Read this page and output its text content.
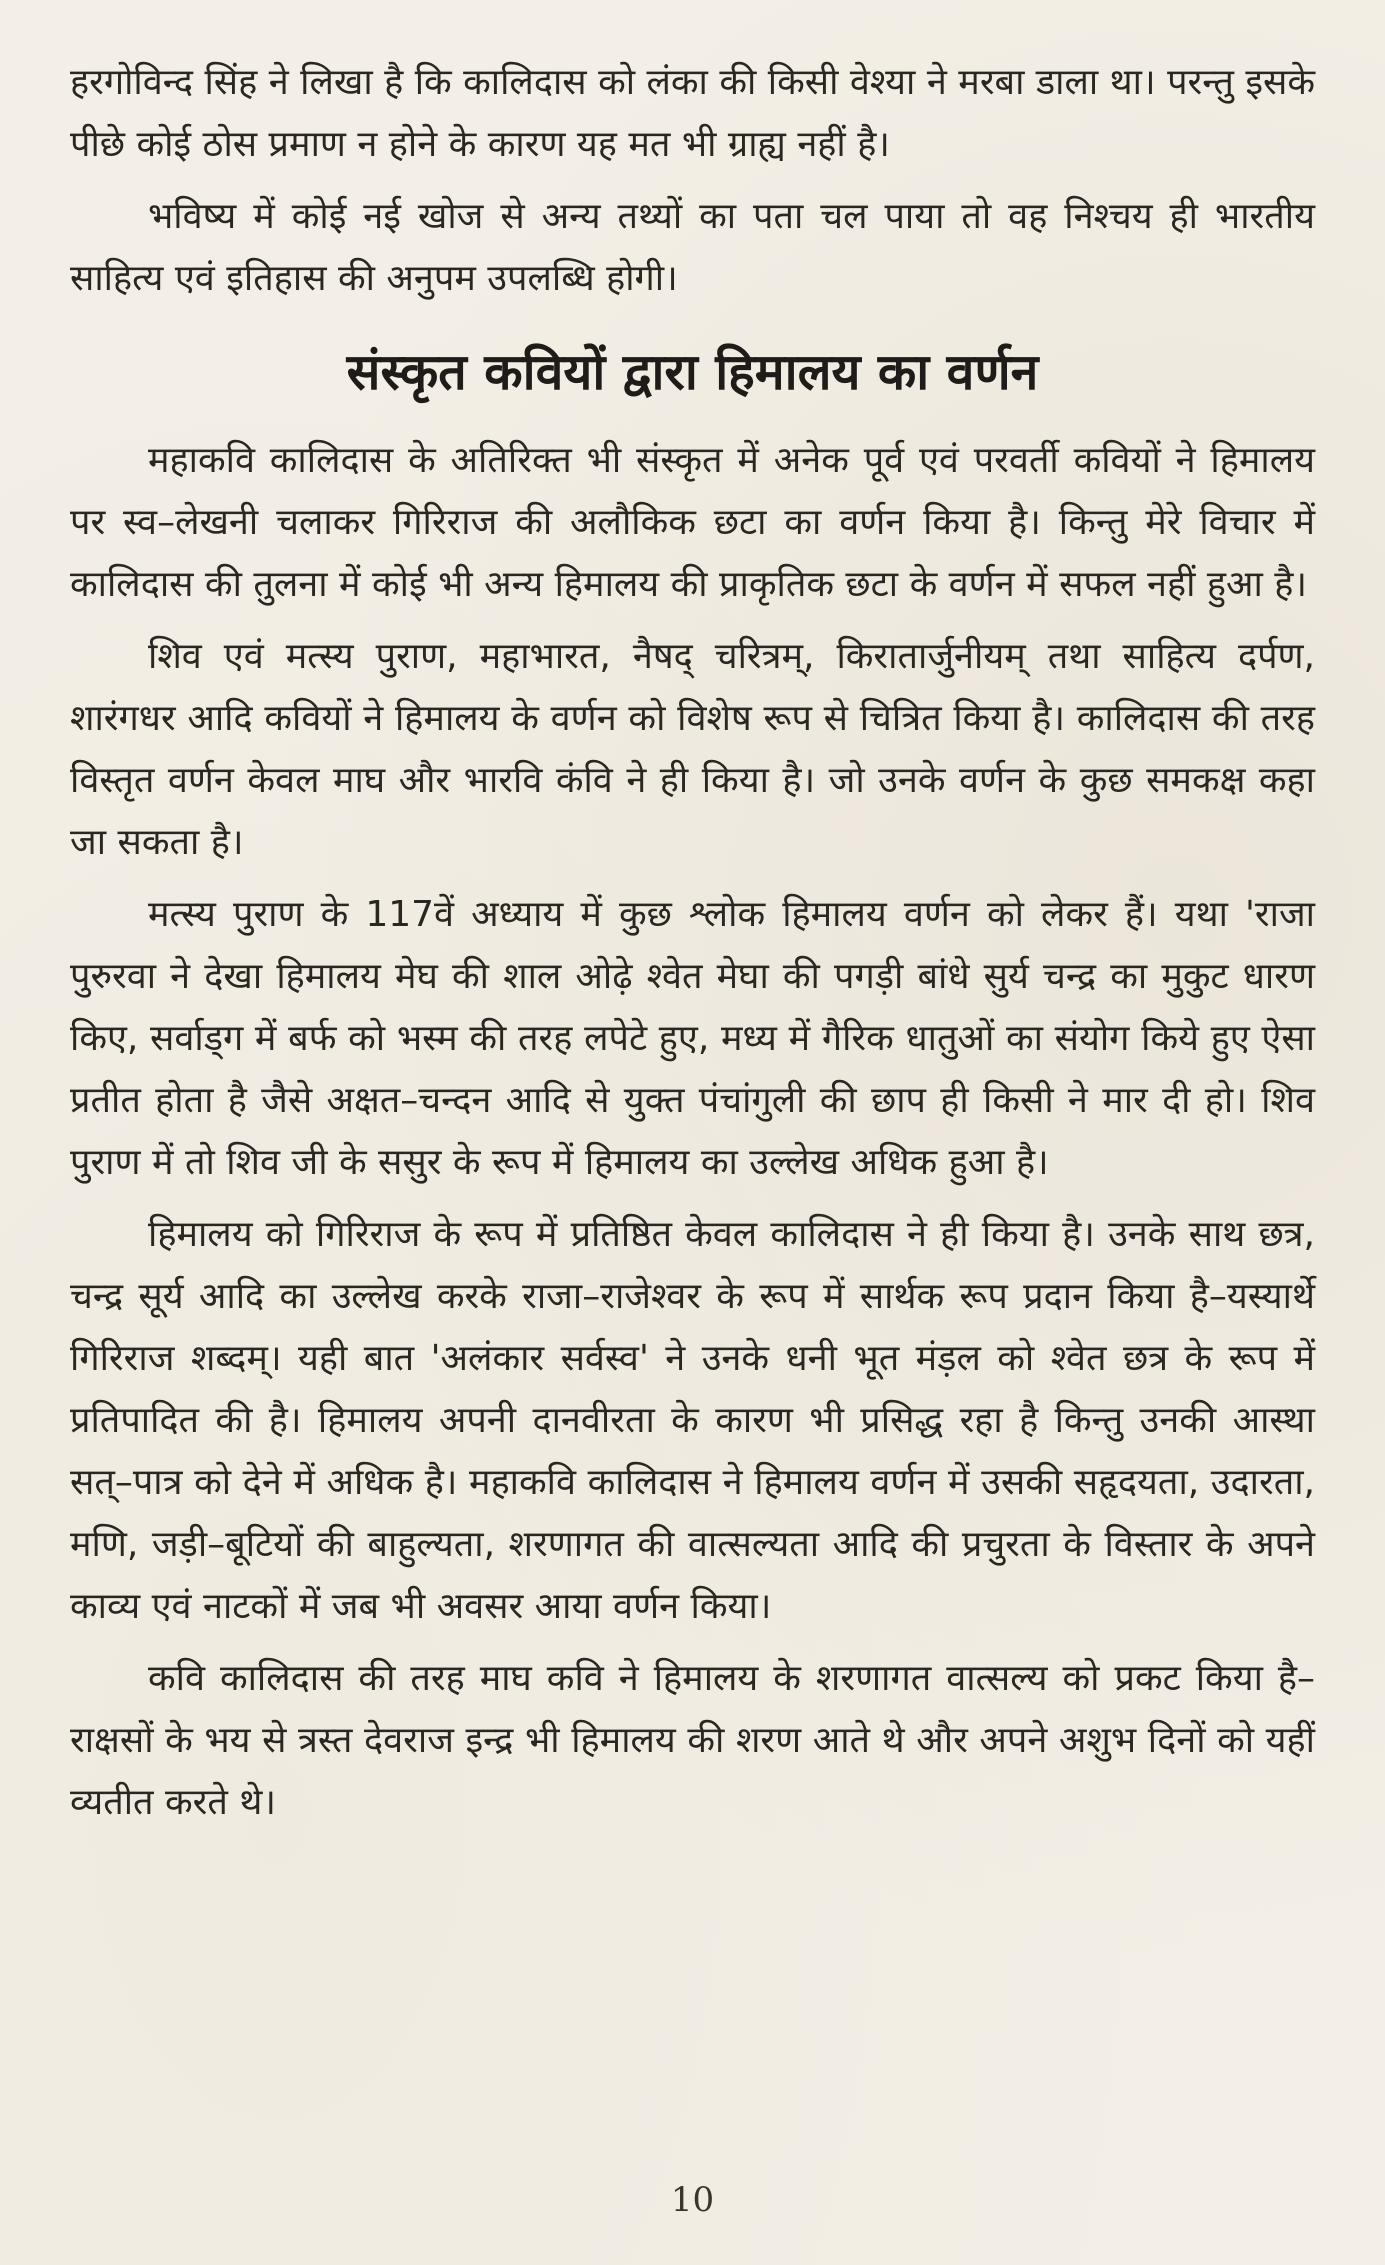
हरगोविन्द सिंह ने लिखा है कि कालिदास को लंका की किसी वेश्या ने मरबा डाला था। परन्तु इसके पीछे कोई ठोस प्रमाण न होने के कारण यह मत भी ग्राह्य नहीं है।

भविष्य में कोई नई खोज से अन्य तथ्यों का पता चल पाया तो वह निश्चय ही भारतीय साहित्य एवं इतिहास की अनुपम उपलब्धि होगी।

संस्कृत कवियों द्वारा हिमालय का वर्णन

महाकवि कालिदास के अतिरिक्त भी संस्कृत में अनेक पूर्व एवं परवर्ती कवियों ने हिमालय पर स्व–लेखनी चलाकर गिरिराज की अलौकिक छटा का वर्णन किया है। किन्तु मेरे विचार में कालिदास की तुलना में कोई भी अन्य हिमालय की प्राकृतिक छटा के वर्णन में सफल नहीं हुआ है।

शिव एवं मत्स्य पुराण, महाभारत, नैषद् चरित्रम्, किरातार्जुनीयम् तथा साहित्य दर्पण, शारंगधर आदि कवियों ने हिमालय के वर्णन को विशेष रूप से चित्रित किया है। कालिदास की तरह विस्तृत वर्णन केवल माघ और भारवि कंवि ने ही किया है। जो उनके वर्णन के कुछ समकक्ष कहा जा सकता है।

मत्स्य पुराण के 117वें अध्याय में कुछ श्लोक हिमालय वर्णन को लेकर हैं। यथा 'राजा पुरुरवा ने देखा हिमालय मेघ की शाल ओढ़े श्वेत मेघा की पगड़ी बांधे सुर्य चन्द्र का मुकुट धारण किए, सर्वाड्ग में बर्फ को भस्म की तरह लपेटे हुए, मध्य में गैरिक धातुओं का संयोग किये हुए ऐसा प्रतीत होता है जैसे अक्षत–चन्दन आदि से युक्त पंचांगुली की छाप ही किसी ने मार दी हो। शिव पुराण में तो शिव जी के ससुर के रूप में हिमालय का उल्लेख अधिक हुआ है।

हिमालय को गिरिराज के रूप में प्रतिष्ठित केवल कालिदास ने ही किया है। उनके साथ छत्र, चन्द्र सूर्य आदि का उल्लेख करके राजा–राजेश्वर के रूप में सार्थक रूप प्रदान किया है–यस्यार्थे गिरिराज शब्दम्। यही बात 'अलंकार सर्वस्व' ने उनके धनी भूत मंड़ल को श्वेत छत्र के रूप में प्रतिपादित की है। हिमालय अपनी दानवीरता के कारण भी प्रसिद्ध रहा है किन्तु उनकी आस्था सत्–पात्र को देने में अधिक है। महाकवि कालिदास ने हिमालय वर्णन में उसकी सहृदयता, उदारता, मणि, जड़ी–बूटियों की बाहुल्यता, शरणागत की वात्सल्यता आदि की प्रचुरता के विस्तार के अपने काव्य एवं नाटकों में जब भी अवसर आया वर्णन किया।

कवि कालिदास की तरह माघ कवि ने हिमालय के शरणागत वात्सल्य को प्रकट किया है–राक्षसों के भय से त्रस्त देवराज इन्द्र भी हिमालय की शरण आते थे और अपने अशुभ दिनों को यहीं व्यतीत करते थे।

10
